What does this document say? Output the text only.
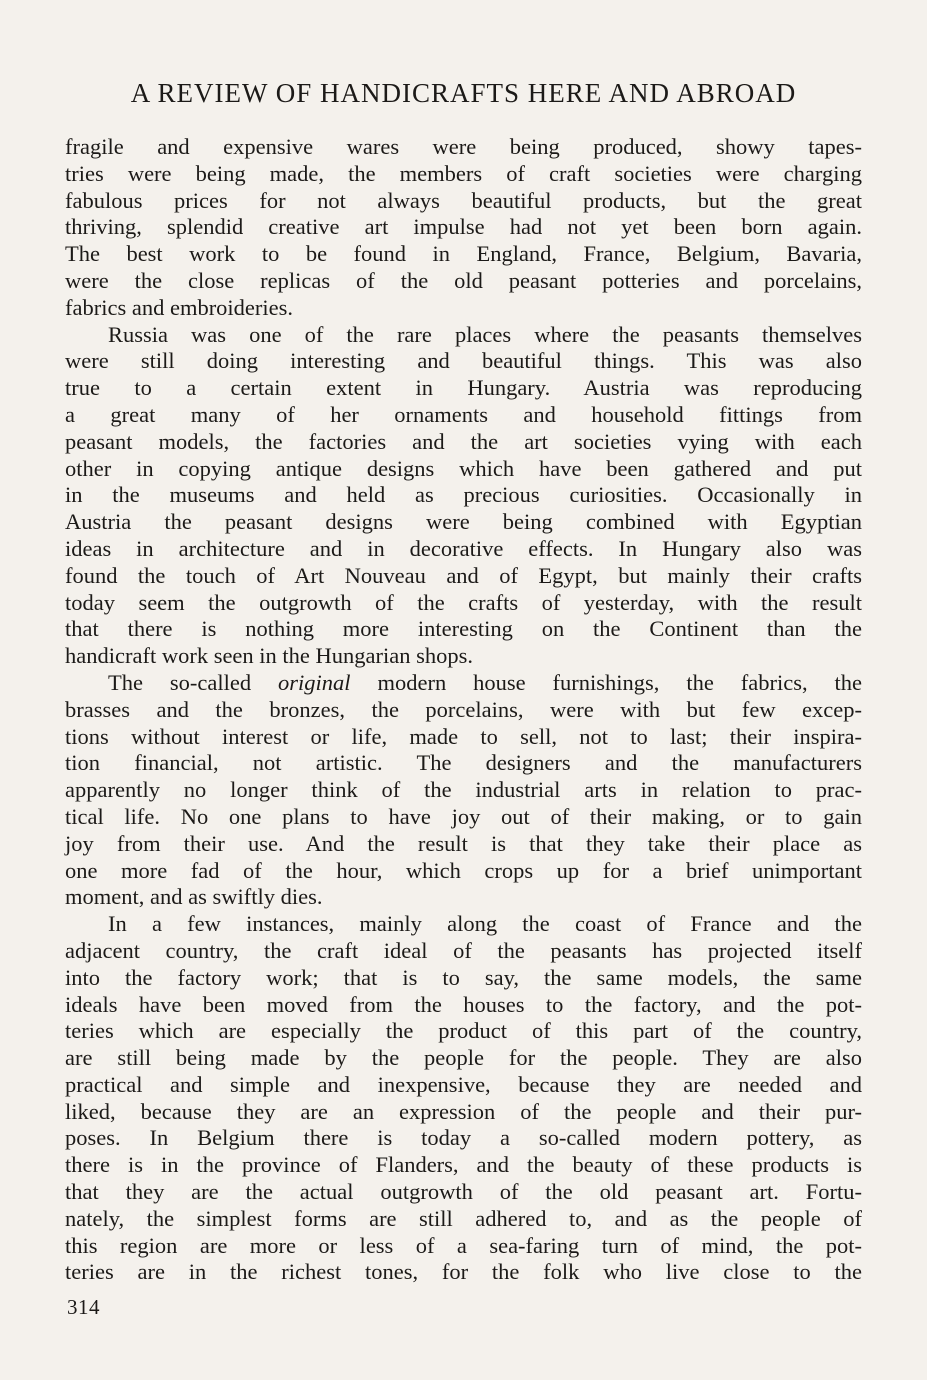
A REVIEW OF HANDICRAFTS HERE AND ABROAD
fragile and expensive wares were being produced, showy tapes-
tries were being made, the members of craft societies were charging
fabulous prices for not always beautiful products, but the great
thriving, splendid creative art impulse had not yet been born again.
The best work to be found in England, France, Belgium, Bavaria,
were the close replicas of the old peasant potteries and porcelains,
fabrics and embroideries.
Russia was one of the rare places where the peasants themselves
were still doing interesting and beautiful things. This was also
true to a certain extent in Hungary. Austria was reproducing
a great many of her ornaments and household fittings from
peasant models, the factories and the art societies vying with each
other in copying antique designs which have been gathered and put
in the museums and held as precious curiosities. Occasionally in
Austria the peasant designs were being combined with Egyptian
ideas in architecture and in decorative effects. In Hungary also was
found the touch of Art Nouveau and of Egypt, but mainly their crafts
today seem the outgrowth of the crafts of yesterday, with the result
that there is nothing more interesting on the Continent than the
handicraft work seen in the Hungarian shops.
The so-called original modern house furnishings, the fabrics, the
brasses and the bronzes, the porcelains, were with but few excep-
tions without interest or life, made to sell, not to last; their inspira-
tion financial, not artistic. The designers and the manufacturers
apparently no longer think of the industrial arts in relation to prac-
tical life. No one plans to have joy out of their making, or to gain
joy from their use. And the result is that they take their place as
one more fad of the hour, which crops up for a brief unimportant
moment, and as swiftly dies.
In a few instances, mainly along the coast of France and the
adjacent country, the craft ideal of the peasants has projected itself
into the factory work; that is to say, the same models, the same
ideals have been moved from the houses to the factory, and the pot-
teries which are especially the product of this part of the country,
are still being made by the people for the people. They are also
practical and simple and inexpensive, because they are needed and
liked, because they are an expression of the people and their pur-
poses. In Belgium there is today a so-called modern pottery, as
there is in the province of Flanders, and the beauty of these products is
that they are the actual outgrowth of the old peasant art. Fortu-
nately, the simplest forms are still adhered to, and as the people of
this region are more or less of a sea-faring turn of mind, the pot-
teries are in the richest tones, for the folk who live close to the
314
